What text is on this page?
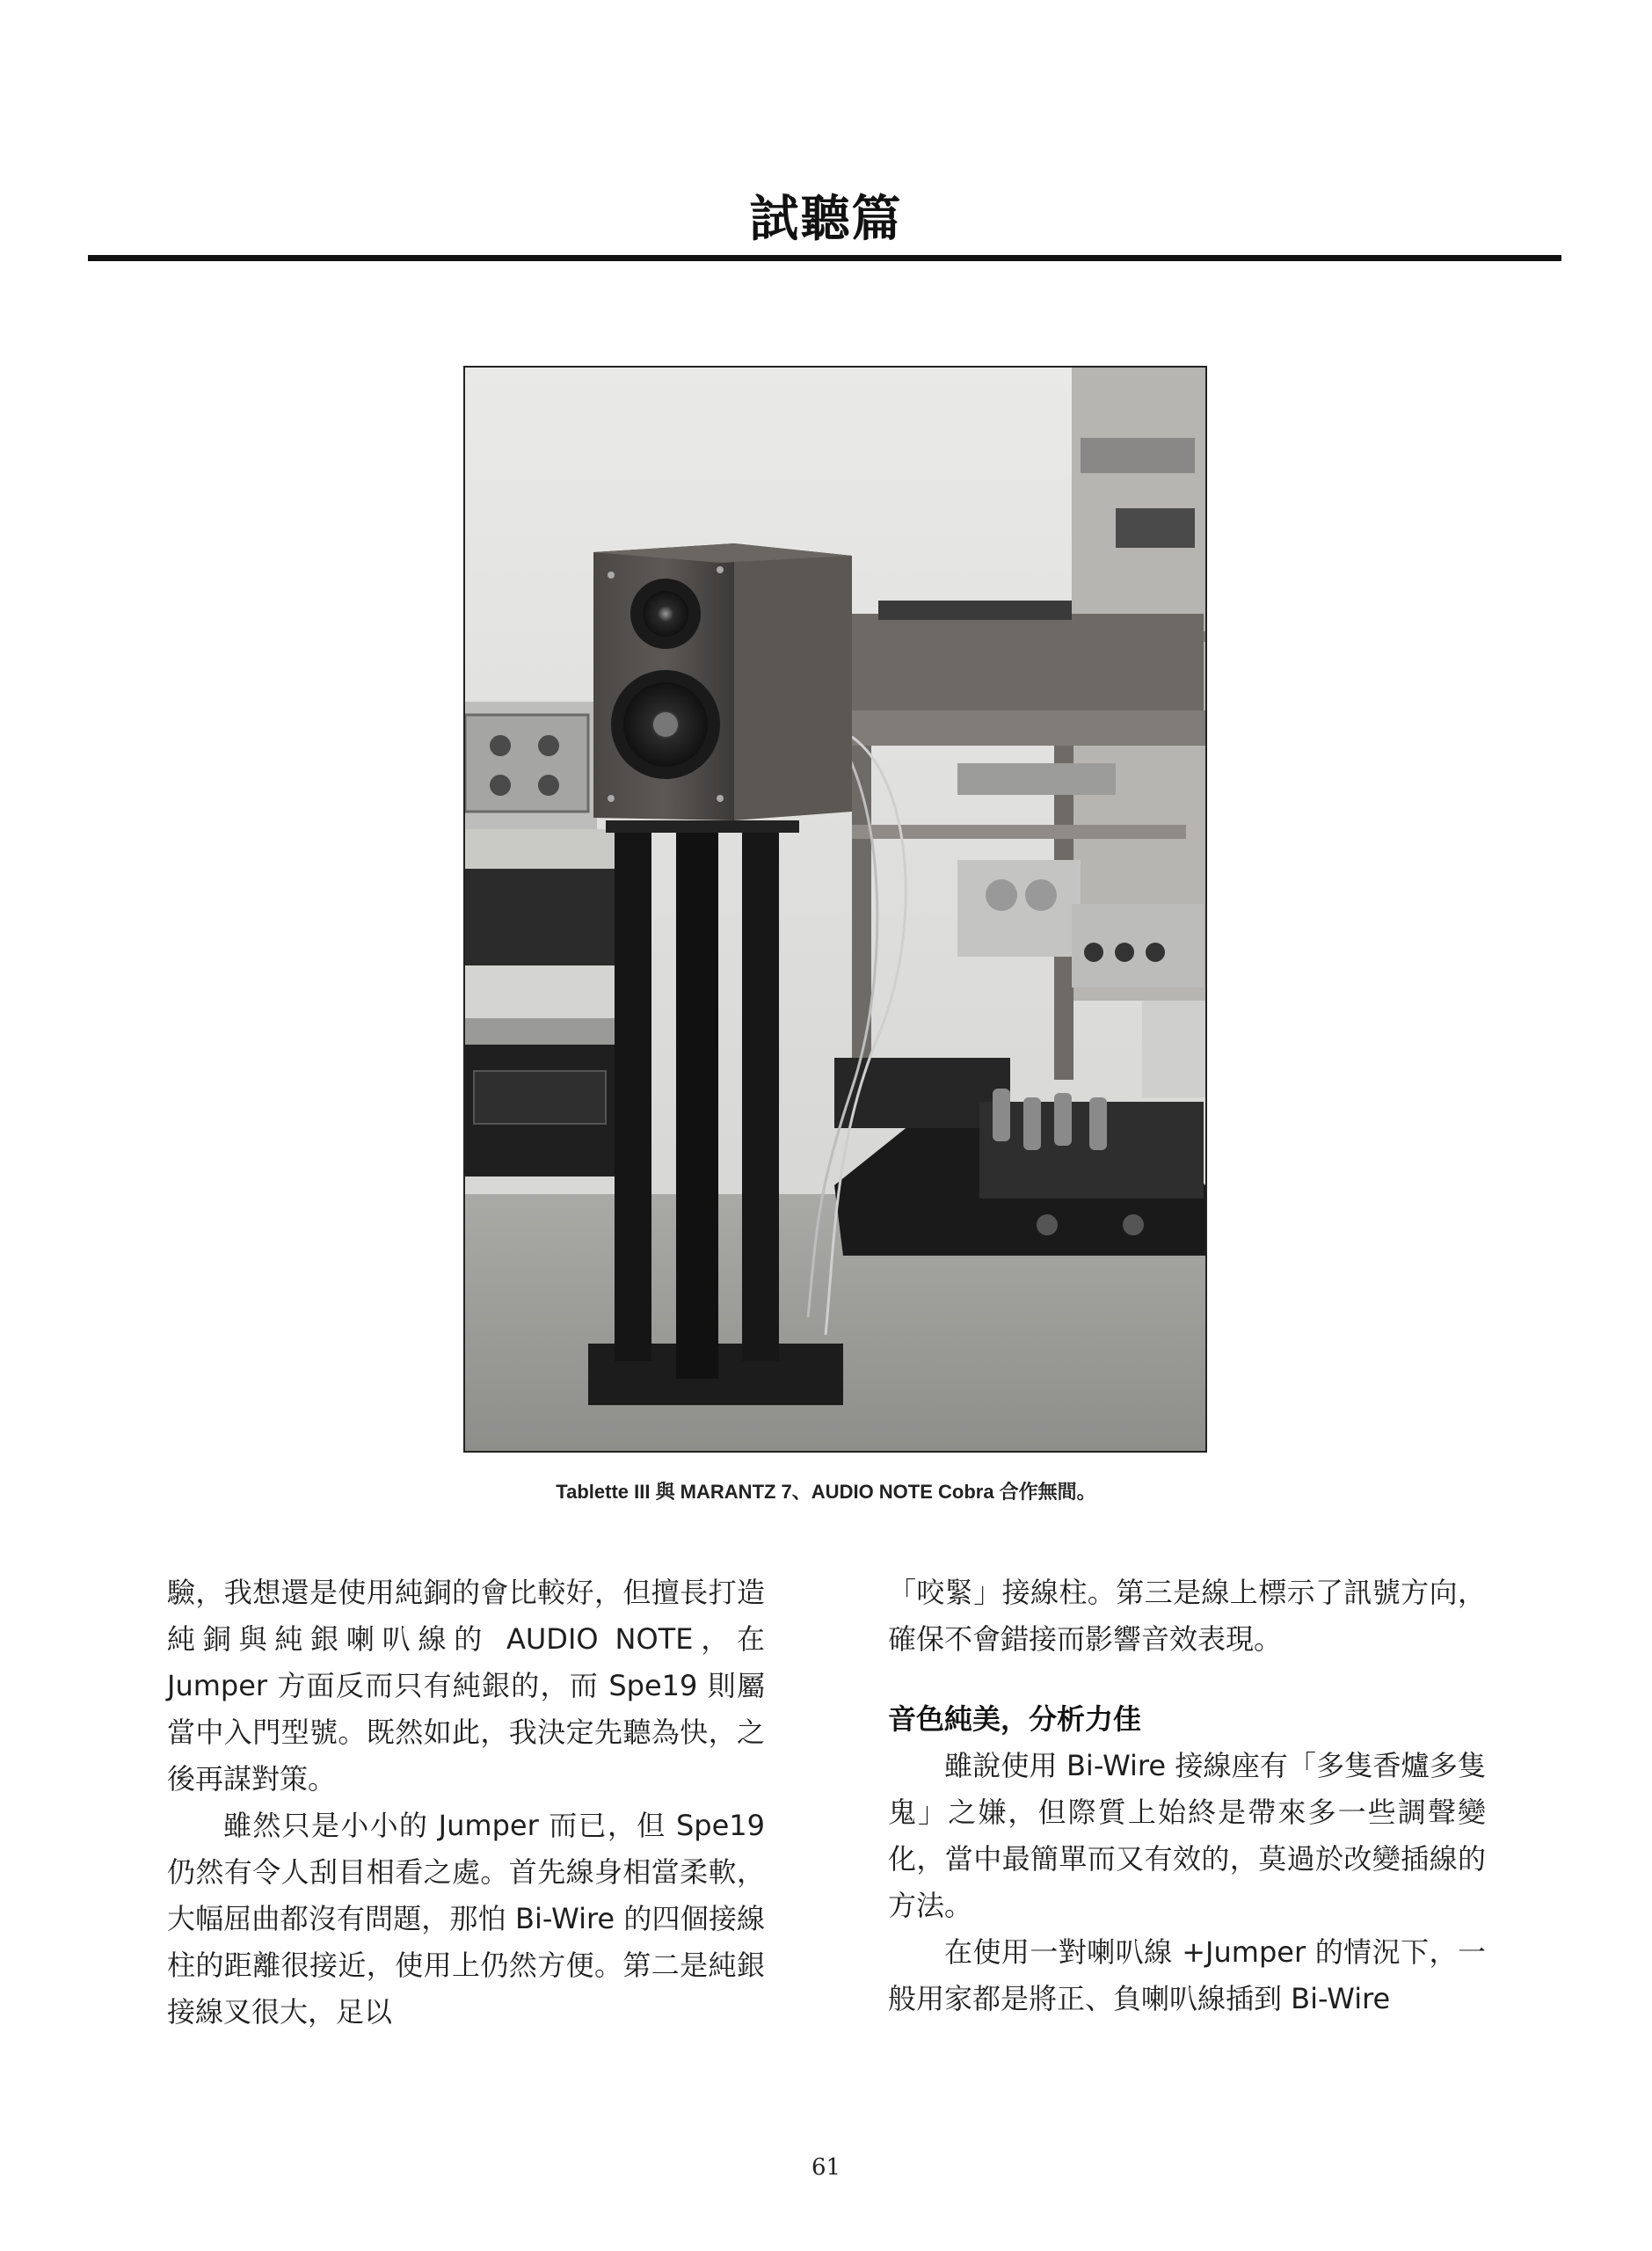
試聽篇
Tablette III 與 MARANTZ 7、AUDIO NOTE Cobra 合作無間。

驗，我想還是使用純銅的會比較好，但擅長打造純銅與純銀喇叭線的 AUDIO NOTE，在 Jumper 方面反而只有純銀的，而 Spe19 則屬當中入門型號。既然如此，我決定先聽為快，之後再謀對策。

雖然只是小小的 Jumper 而已，但 Spe19 仍然有令人刮目相看之處。首先線身相當柔軟，大幅屈曲都沒有問題，那怕 Bi-Wire 的四個接線柱的距離很接近，使用上仍然方便。第二是純銀接線叉很大，足以

「咬緊」接線柱。第三是線上標示了訊號方向，確保不會錯接而影響音效表現。

音色純美，分析力佳

雖說使用 Bi-Wire 接線座有「多隻香爐多隻鬼」之嫌，但際質上始終是帶來多一些調聲變化，當中最簡單而又有效的，莫過於改變插線的方法。

在使用一對喇叭線 +Jumper 的情況下，一般用家都是將正、負喇叭線插到 Bi-Wire

61
